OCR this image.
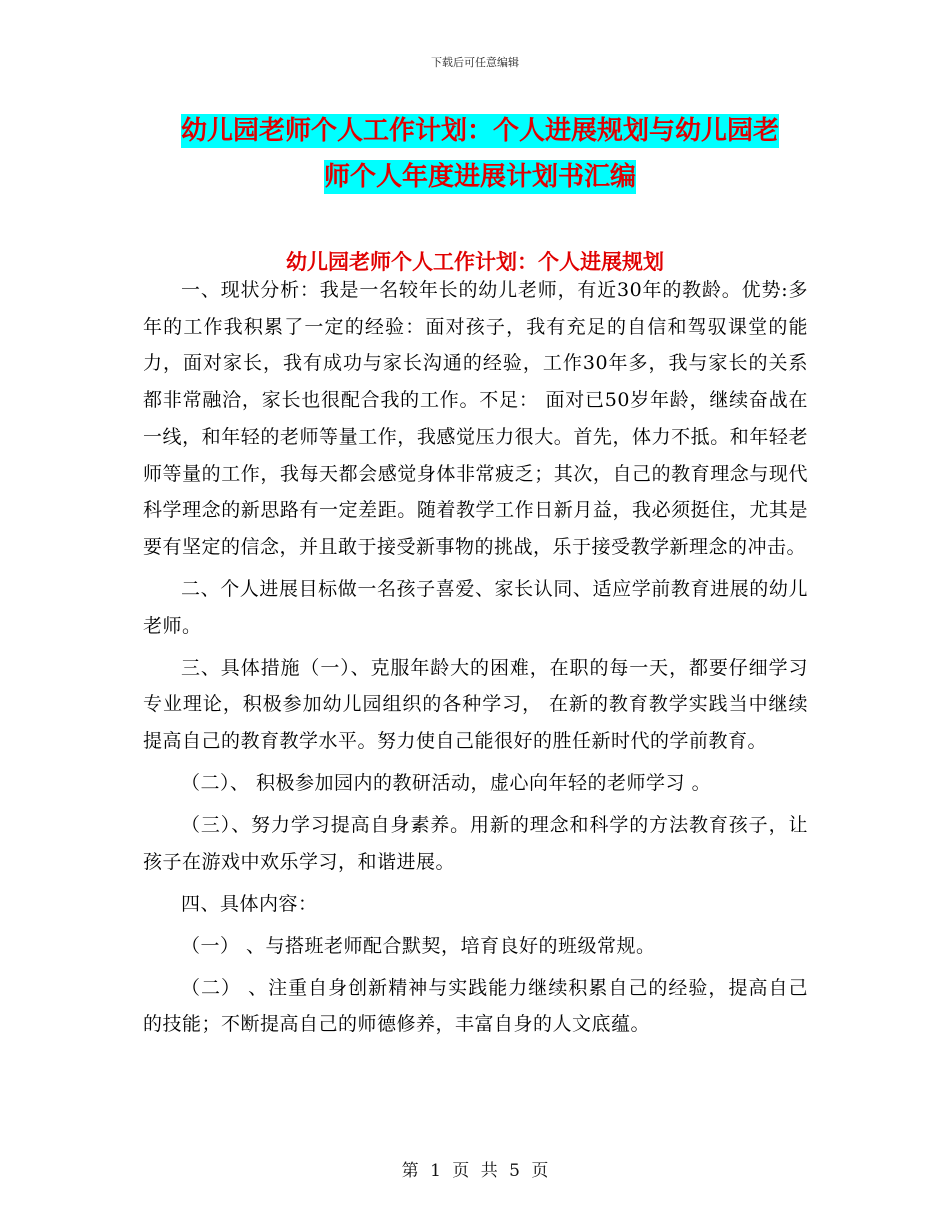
下载后可任意编辑
幼儿园老师个人工作计划：个人进展规划与幼儿园老
师个人年度进展计划书汇编
幼儿园老师个人工作计划：个人进展规划

一、现状分析：我是一名较年长的幼儿老师，有近30年的教龄。优势:多年的工作我积累了一定的经验：面对孩子，我有充足的自信和驾驭课堂的能力，面对家长，我有成功与家长沟通的经验，工作30年多，我与家长的关系都非常融洽，家长也很配合我的工作。不足： 面对已50岁年龄，继续奋战在一线，和年轻的老师等量工作，我感觉压力很大。首先，体力不抵。和年轻老师等量的工作，我每天都会感觉身体非常疲乏；其次，自己的教育理念与现代科学理念的新思路有一定差距。随着教学工作日新月益，我必须挺住，尤其是要有坚定的信念，并且敢于接受新事物的挑战，乐于接受教学新理念的冲击。

二、个人进展目标做一名孩子喜爱、家长认同、适应学前教育进展的幼儿老师。

三、具体措施（一）、克服年龄大的困难，在职的每一天，都要仔细学习专业理论，积极参加幼儿园组织的各种学习， 在新的教育教学实践当中继续提高自己的教育教学水平。努力使自己能很好的胜任新时代的学前教育。

（二）、 积极参加园内的教研活动，虚心向年轻的老师学习 。

（三）、努力学习提高自身素养。用新的理念和科学的方法教育孩子，让孩子在游戏中欢乐学习，和谐进展。

四、具体内容：

（一） 、与搭班老师配合默契，培育良好的班级常规。

（二） 、注重自身创新精神与实践能力继续积累自己的经验，提高自己的技能；不断提高自己的师德修养，丰富自身的人文底蕴。

第 1 页 共 5 页
